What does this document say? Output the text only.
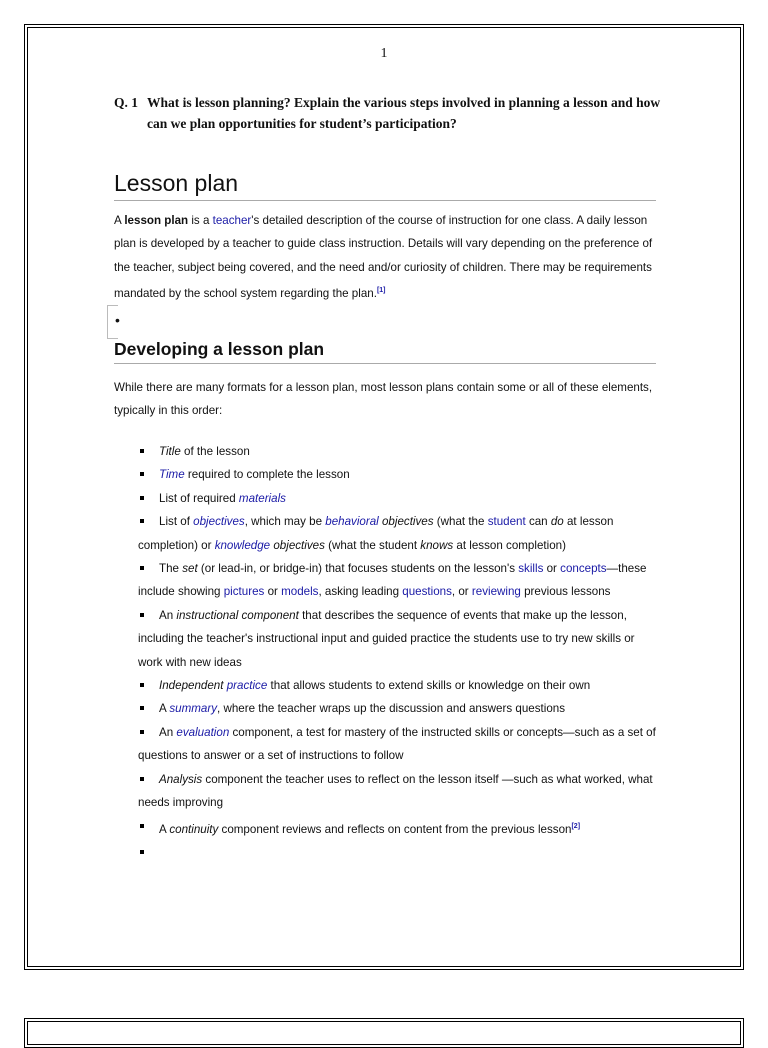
1
Q. 1 What is lesson planning? Explain the various steps involved in planning a lesson and how can we plan opportunities for student’s participation?
Lesson plan
A lesson plan is a teacher's detailed description of the course of instruction for one class. A daily lesson plan is developed by a teacher to guide class instruction. Details will vary depending on the preference of the teacher, subject being covered, and the need and/or curiosity of children. There may be requirements mandated by the school system regarding the plan.[1]
•
Developing a lesson plan
While there are many formats for a lesson plan, most lesson plans contain some or all of these elements, typically in this order:
Title of the lesson
Time required to complete the lesson
List of required materials
List of objectives, which may be behavioral objectives (what the student can do at lesson completion) or knowledge objectives (what the student knows at lesson completion)
The set (or lead-in, or bridge-in) that focuses students on the lesson's skills or concepts—these include showing pictures or models, asking leading questions, or reviewing previous lessons
An instructional component that describes the sequence of events that make up the lesson, including the teacher's instructional input and guided practice the students use to try new skills or work with new ideas
Independent practice that allows students to extend skills or knowledge on their own
A summary, where the teacher wraps up the discussion and answers questions
An evaluation component, a test for mastery of the instructed skills or concepts—such as a set of questions to answer or a set of instructions to follow
Analysis component the teacher uses to reflect on the lesson itself —such as what worked, what needs improving
A continuity component reviews and reflects on content from the previous lesson[2]
